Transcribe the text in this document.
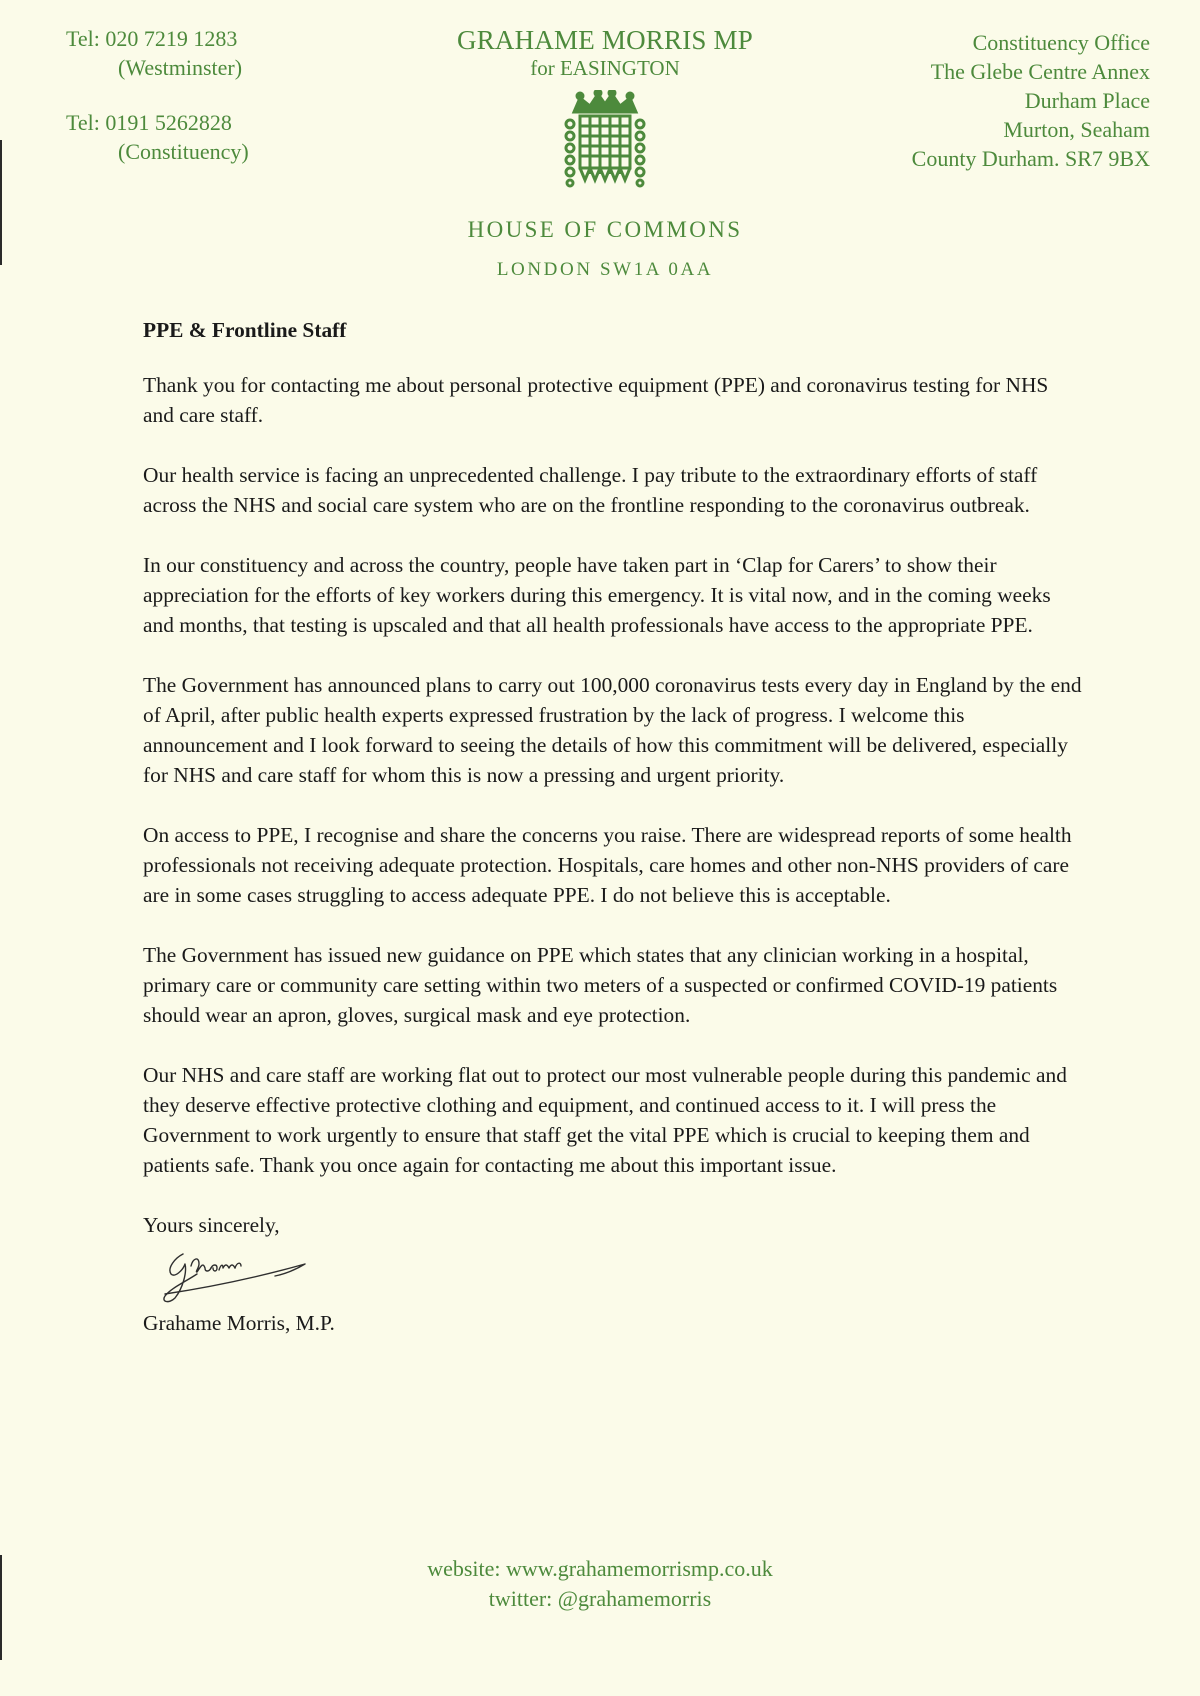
Tel: 020 7219 1283
(Westminster)
Tel: 0191 5262828
(Constituency)
GRAHAME MORRIS MP
for EASINGTON
HOUSE OF COMMONS
LONDON SW1A 0AA
Constituency Office
The Glebe Centre Annex
Durham Place
Murton, Seaham
County Durham. SR7 9BX

PPE & Frontline Staff

Thank you for contacting me about personal protective equipment (PPE) and coronavirus testing for NHS and care staff.

Our health service is facing an unprecedented challenge. I pay tribute to the extraordinary efforts of staff across the NHS and social care system who are on the frontline responding to the coronavirus outbreak.

In our constituency and across the country, people have taken part in ‘Clap for Carers’ to show their appreciation for the efforts of key workers during this emergency. It is vital now, and in the coming weeks and months, that testing is upscaled and that all health professionals have access to the appropriate PPE.

The Government has announced plans to carry out 100,000 coronavirus tests every day in England by the end of April, after public health experts expressed frustration by the lack of progress. I welcome this announcement and I look forward to seeing the details of how this commitment will be delivered, especially for NHS and care staff for whom this is now a pressing and urgent priority.

On access to PPE, I recognise and share the concerns you raise. There are widespread reports of some health professionals not receiving adequate protection. Hospitals, care homes and other non-NHS providers of care are in some cases struggling to access adequate PPE. I do not believe this is acceptable.

The Government has issued new guidance on PPE which states that any clinician working in a hospital, primary care or community care setting within two meters of a suspected or confirmed COVID-19 patients should wear an apron, gloves, surgical mask and eye protection.

Our NHS and care staff are working flat out to protect our most vulnerable people during this pandemic and they deserve effective protective clothing and equipment, and continued access to it. I will press the Government to work urgently to ensure that staff get the vital PPE which is crucial to keeping them and patients safe. Thank you once again for contacting me about this important issue.

Yours sincerely,

Grahame Morris, M.P.

website: www.grahamemorrismp.co.uk
twitter: @grahamemorris
